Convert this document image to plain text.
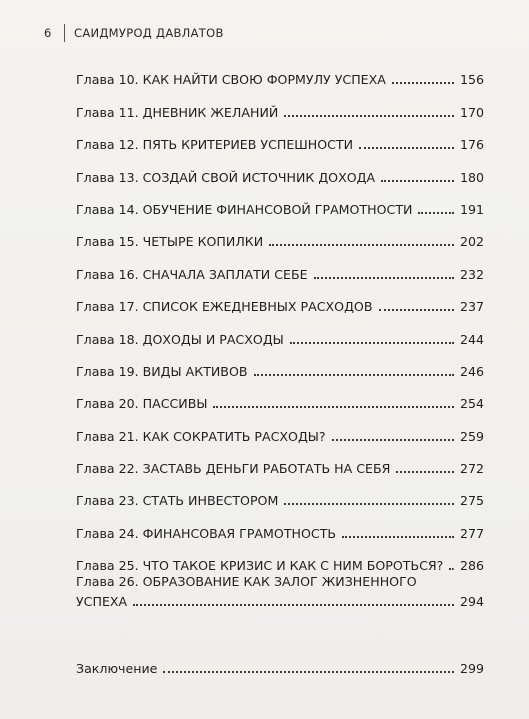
6	САИДМУРОД ДАВЛАТОВ
Глава 10. КАК НАЙТИ СВОЮ ФОРМУЛУ УСПЕХА	156
Глава 11. ДНЕВНИК ЖЕЛАНИЙ	170
Глава 12. ПЯТЬ КРИТЕРИЕВ УСПЕШНОСТИ	176
Глава 13. СОЗДАЙ СВОЙ ИСТОЧНИК ДОХОДА	180
Глава 14. ОБУЧЕНИЕ ФИНАНСОВОЙ ГРАМОТНОСТИ	191
Глава 15. ЧЕТЫРЕ КОПИЛКИ	202
Глава 16. СНАЧАЛА ЗАПЛАТИ СЕБЕ	232
Глава 17. СПИСОК ЕЖЕДНЕВНЫХ РАСХОДОВ	237
Глава 18. ДОХОДЫ И РАСХОДЫ	244
Глава 19. ВИДЫ АКТИВОВ	246
Глава 20. ПАССИВЫ	254
Глава 21. КАК СОКРАТИТЬ РАСХОДЫ?	259
Глава 22. ЗАСТАВЬ ДЕНЬГИ РАБОТАТЬ НА СЕБЯ	272
Глава 23. СТАТЬ ИНВЕСТОРОМ	275
Глава 24. ФИНАНСОВАЯ ГРАМОТНОСТЬ	277
Глава 25. ЧТО ТАКОЕ КРИЗИС И КАК С НИМ БОРОТЬСЯ? 286
Глава 26. ОБРАЗОВАНИЕ КАК ЗАЛОГ ЖИЗНЕННОГО
УСПЕХА	294
Заключение	299
